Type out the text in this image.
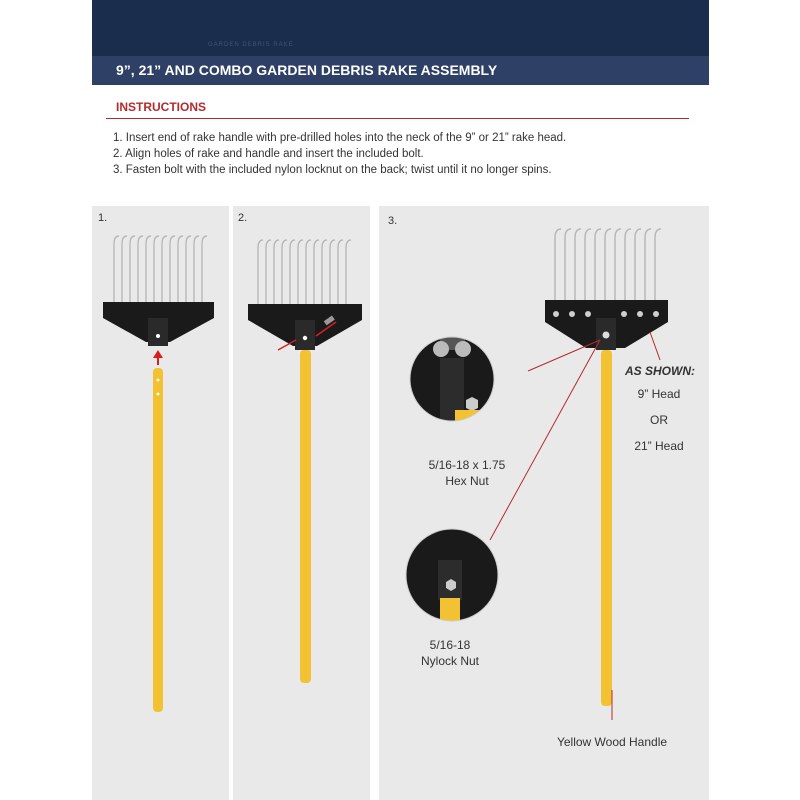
GARDEN DEBRIS RAKE
9”, 21” AND COMBO GARDEN DEBRIS RAKE ASSEMBLY
INSTRUCTIONS
1. Insert end of rake handle with pre-drilled holes into the neck of the 9” or 21” rake head.
2. Align holes of rake and handle and insert the included bolt.
3. Fasten bolt with the included nylon locknut on the back; twist until it no longer spins.
1.	2.	3.
AS SHOWN:
9” Head
OR
21” Head
5/16-18 x 1.75
Hex Nut
5/16-18
Nylock Nut
Yellow Wood Handle
